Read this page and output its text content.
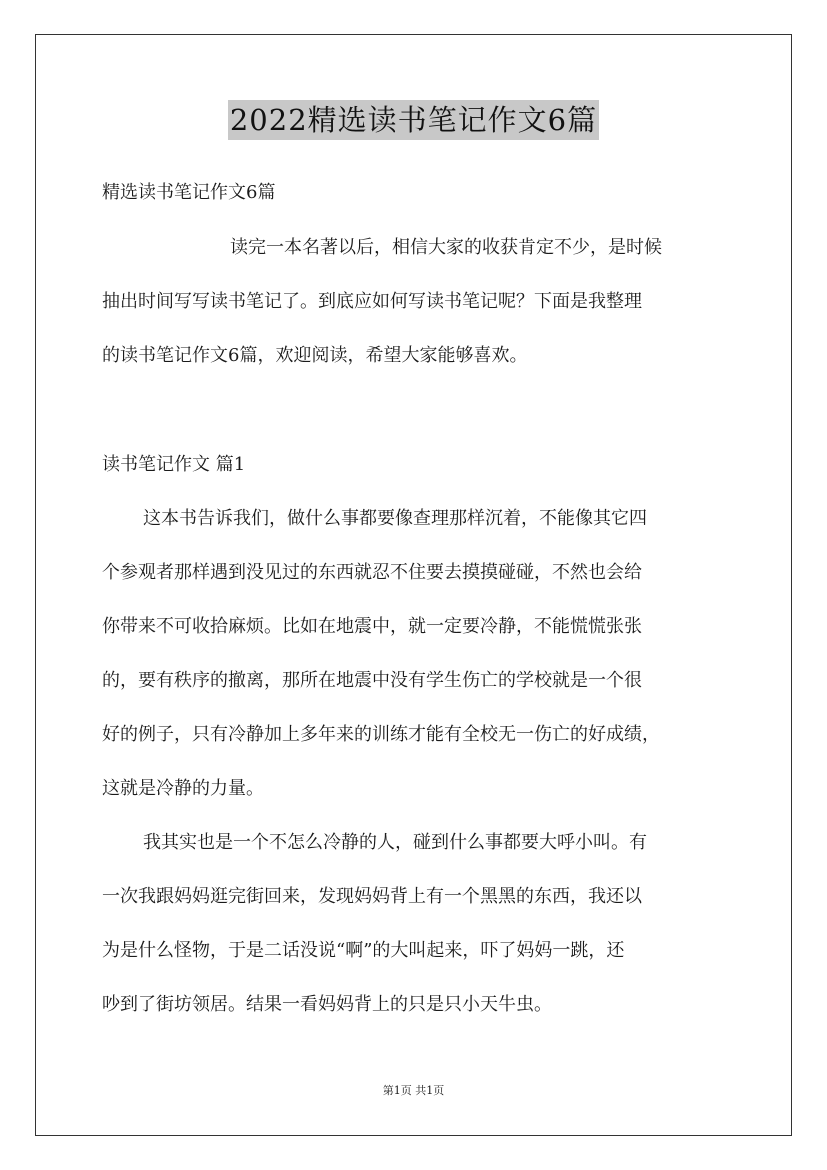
2022精选读书笔记作文6篇
精选读书笔记作文6篇
读完一本名著以后，相信大家的收获肯定不少，是时候
抽出时间写写读书笔记了。到底应如何写读书笔记呢？下面是我整理
的读书笔记作文6篇，欢迎阅读，希望大家能够喜欢。
读书笔记作文 篇1
这本书告诉我们，做什么事都要像查理那样沉着，不能像其它四
个参观者那样遇到没见过的东西就忍不住要去摸摸碰碰，不然也会给
你带来不可收拾麻烦。比如在地震中，就一定要冷静，不能慌慌张张
的，要有秩序的撤离，那所在地震中没有学生伤亡的学校就是一个很
好的例子，只有冷静加上多年来的训练才能有全校无一伤亡的好成绩，
这就是冷静的力量。
我其实也是一个不怎么冷静的人，碰到什么事都要大呼小叫。有
一次我跟妈妈逛完街回来，发现妈妈背上有一个黑黑的东西，我还以
为是什么怪物，于是二话没说“啊”的大叫起来，吓了妈妈一跳，还
吵到了街坊领居。结果一看妈妈背上的只是只小天牛虫。
第1页 共1页
